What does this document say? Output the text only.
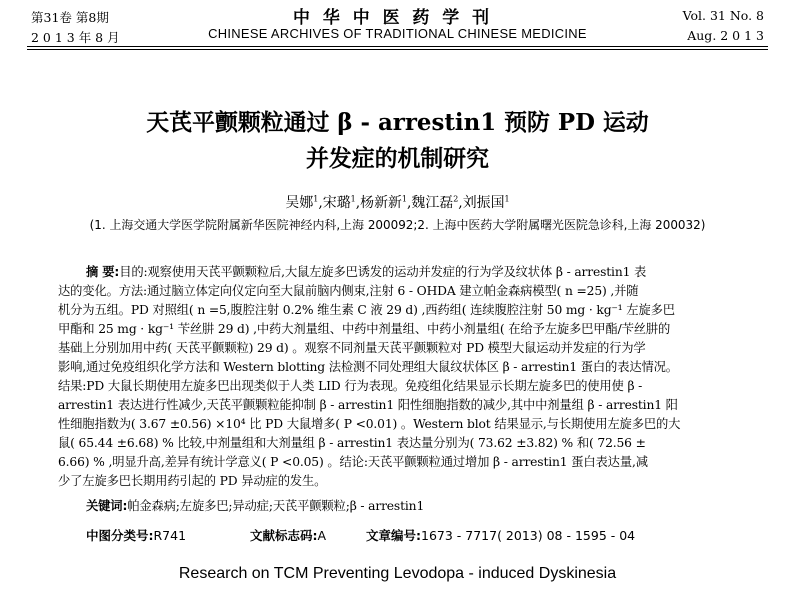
第31卷 第8期
2 0 1 3 年 8 月
中华中医药学刊
CHINESE ARCHIVES OF TRADITIONAL CHINESE MEDICINE
Vol. 31 No. 8
Aug. 2 0 1 3
天芪平颤颗粒通过 β - arrestin1 预防 PD 运动
并发症的机制研究
吴娜$^1$,宋璐$^1$,杨新新$^1$,魏江磊$^2$,刘振国$^1$
(1. 上海交通大学医学院附属新华医院神经内科,上海 200092;2. 上海中医药大学附属曙光医院急诊科,上海 200032)
摘 要:目的:观察使用天芪平颤颗粒后,大鼠左旋多巴诱发的运动并发症的行为学及纹状体 β - arrestin1 表
达的变化。方法:通过脑立体定向仪定向至大鼠前脑内侧束,注射 6 - OHDA 建立帕金森病模型( n =25) ,并随
机分为五组。PD 对照组( n =5,腹腔注射 0.2% 维生素 C 液 29 d) ,西药组( 连续腹腔注射 50 mg · kg⁻¹ 左旋多巴
甲酯和 25 mg · kg⁻¹ 苄丝肼 29 d) ,中药大剂量组、中药中剂量组、中药小剂量组( 在给予左旋多巴甲酯/苄丝肼的
基础上分别加用中药( 天芪平颤颗粒) 29 d) 。观察不同剂量天芪平颤颗粒对 PD 模型大鼠运动并发症的行为学
影响,通过免疫组织化学方法和 Western blotting 法检测不同处理组大鼠纹状体区 β - arrestin1 蛋白的表达情况。
结果:PD 大鼠长期使用左旋多巴出现类似于人类 LID 行为表现。免疫组化结果显示长期左旋多巴的使用使 β -
arrestin1 表达进行性减少,天芪平颤颗粒能抑制 β - arrestin1 阳性细胞指数的减少,其中中剂量组 β - arrestin1 阳
性细胞指数为( 3.67 ±0.56) ×10⁴ 比 PD 大鼠增多( P <0.01) 。Western blot 结果显示,与长期使用左旋多巴的大
鼠( 65.44 ±6.68) % 比较,中剂量组和大剂量组 β - arrestin1 表达量分别为( 73.62 ±3.82) % 和( 72.56 ±
6.66) % ,明显升高,差异有统计学意义( P <0.05) 。结论:天芪平颤颗粒通过增加 β - arrestin1 蛋白表达量,减
少了左旋多巴长期用药引起的 PD 异动症的发生。
关键词:帕金森病;左旋多巴;异动症;天芪平颤颗粒;β - arrestin1
中图分类号:R741	文献标志码:A	文章编号:1673 - 7717( 2013) 08 - 1595 - 04
Research on TCM Preventing Levodopa - induced Dyskinesia
